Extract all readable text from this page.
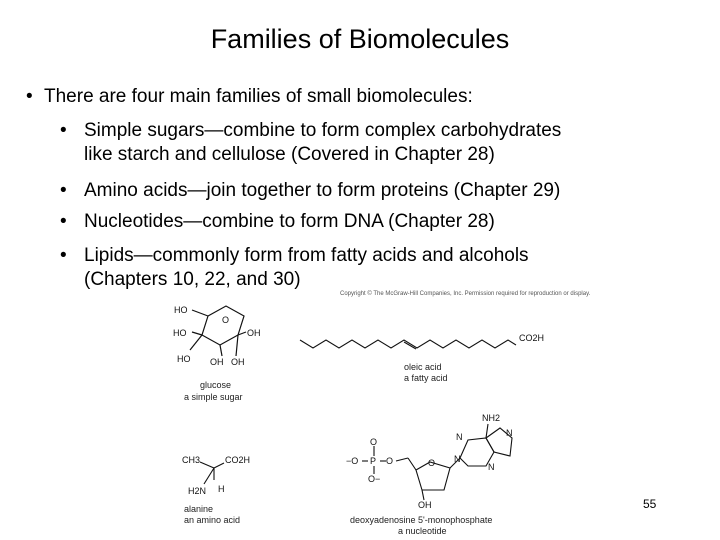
Families of Biomolecules
• There are four main families of small biomolecules:
• Simple sugars—combine to form complex carbohydrates
like starch and cellulose (Covered in Chapter 28)
• Amino acids—join together to form proteins (Chapter 29)
• Nucleotides—combine to form DNA (Chapter 28)
• Lipids—commonly form from fatty acids and alcohols
(Chapters 10, 22, and 30)
Copyright © The McGraw-Hill Companies, Inc. Permission required for reproduction or display.
HO
HO
HO
O
OH
OH OH
glucose
a simple sugar
CO2H
oleic acid
a fatty acid
CH3	CO2H
H2N H
alanine
an amino acid
O
−O P O
O−
O
OH
NH2
N
N
N
N
deoxyadenosine 5'-monophosphate
a nucleotide
55
